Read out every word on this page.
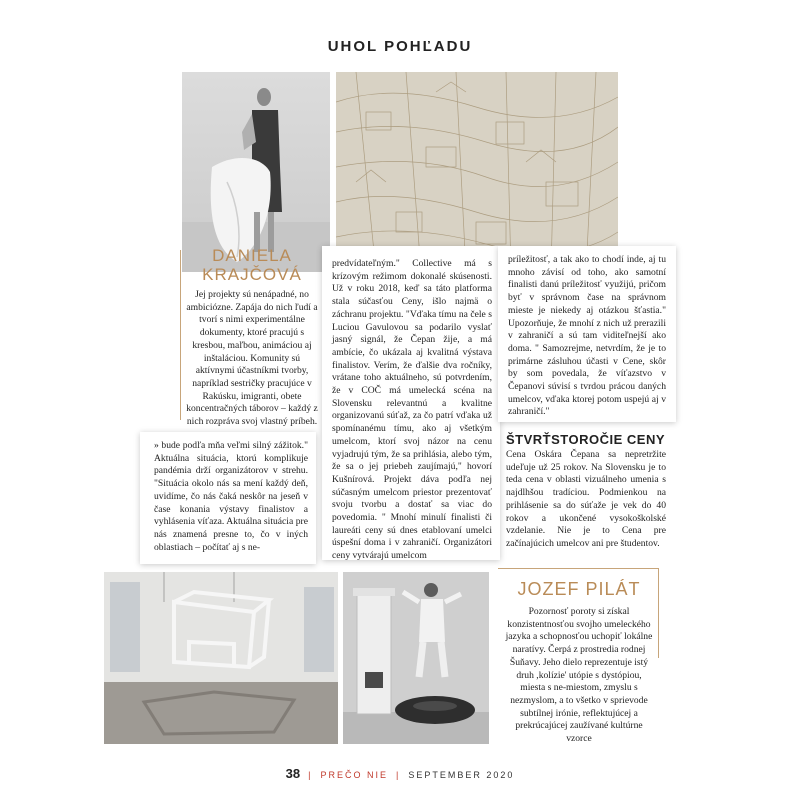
UHOL POHĽADU
DANIELA
KRAJČOVÁ
Jej projekty sú nenápadné, no ambiciózne. Zapája do nich ľudí a tvorí s nimi experimentálne dokumenty, ktoré pracujú s kresbou, maľbou, animáciou aj inštaláciou. Komunity sú aktívnymi účastníkmi tvorby, napríklad sestričky pracujúce v Rakúsku, imigranti, obete koncentračných táborov – každý z nich rozpráva svoj vlastný príbeh.
predvídateľným." Collective má s krízovým režimom dokonalé skúsenosti. Už v roku 2018, keď sa táto platforma stala súčasťou Ceny, išlo najmä o záchranu projektu. "Vďaka tímu na čele s Luciou Gavulovou sa podarilo vyslať jasný signál, že Čepan žije, a má ambície, čo ukázala aj kvalitná výstava finalistov. Verím, že ďalšie dva ročníky, vrátane toho aktuálneho, sú potvrdením, že v COČ má umelecká scéna na Slovensku relevantnú a kvalitne organizovanú súťaž, za čo patrí vďaka už spomínanému tímu, ako aj všetkým umelcom, ktorí svoj názor na cenu vyjadrujú tým, že sa prihlásia, alebo tým, že sa o jej priebeh zaujímajú," hovorí Kušnírová. Projekt dáva podľa nej súčasným umelcom priestor prezentovať svoju tvorbu a dostať sa viac do povedomia. " Mnohí minulí finalisti či laureáti ceny sú dnes etablovaní umelci úspešní doma i v zahraničí. Organizátori ceny vytvárajú umelcom
príležitosť, a tak ako to chodí inde, aj tu mnoho závisí od toho, ako samotní finalisti danú príležitosť využijú, pričom byť v správnom čase na správnom mieste je niekedy aj otázkou šťastia." Upozorňuje, že mnohí z nich už prerazili v zahraničí a sú tam viditeľnejší ako doma. " Samozrejme, netvrdím, že je to primárne zásluhou účasti v Cene, skôr by som povedala, že víťazstvo v Čepanovi súvisí s tvrdou prácou daných umelcov, vďaka ktorej potom uspejú aj v zahraničí."
» bude podľa mňa veľmi silný zážitok." Aktuálna situácia, ktorú komplikuje pandémia drží organizátorov v strehu. "Situácia okolo nás sa mení každý deň, uvidíme, čo nás čaká neskôr na jeseň v čase konania výstavy finalistov a vyhlásenia víťaza. Aktuálna situácia pre nás znamená presne to, čo v iných oblastiach – počítať aj s ne-
ŠTVRŤSTOROČIE CENY
Cena Oskára Čepana sa nepretržite udeľuje už 25 rokov. Na Slovensku je to teda cena v oblasti vizuálneho umenia s najdlhšou tradíciou. Podmienkou na prihlásenie sa do súťaže je vek do 40 rokov a ukončené vysokoškolské vzdelanie. Nie je to Cena pre začínajúcich umelcov ani pre študentov.
JOZEF PILÁT
Pozornosť poroty si získal konzistentnosťou svojho umeleckého jazyka a schopnosťou uchopiť lokálne naratívy. Čerpá z prostredia rodnej Šuňavy. Jeho dielo reprezentuje istý druh ,kolízie' utópie s dystópiou, miesta s ne-miestom, zmyslu s nezmyslom, a to všetko v sprievode subtílnej irónie, reflektujúcej a prekrúcajúcej zaužívané kultúrne vzorce
38 | PREČO NIE | SEPTEMBER 2020
